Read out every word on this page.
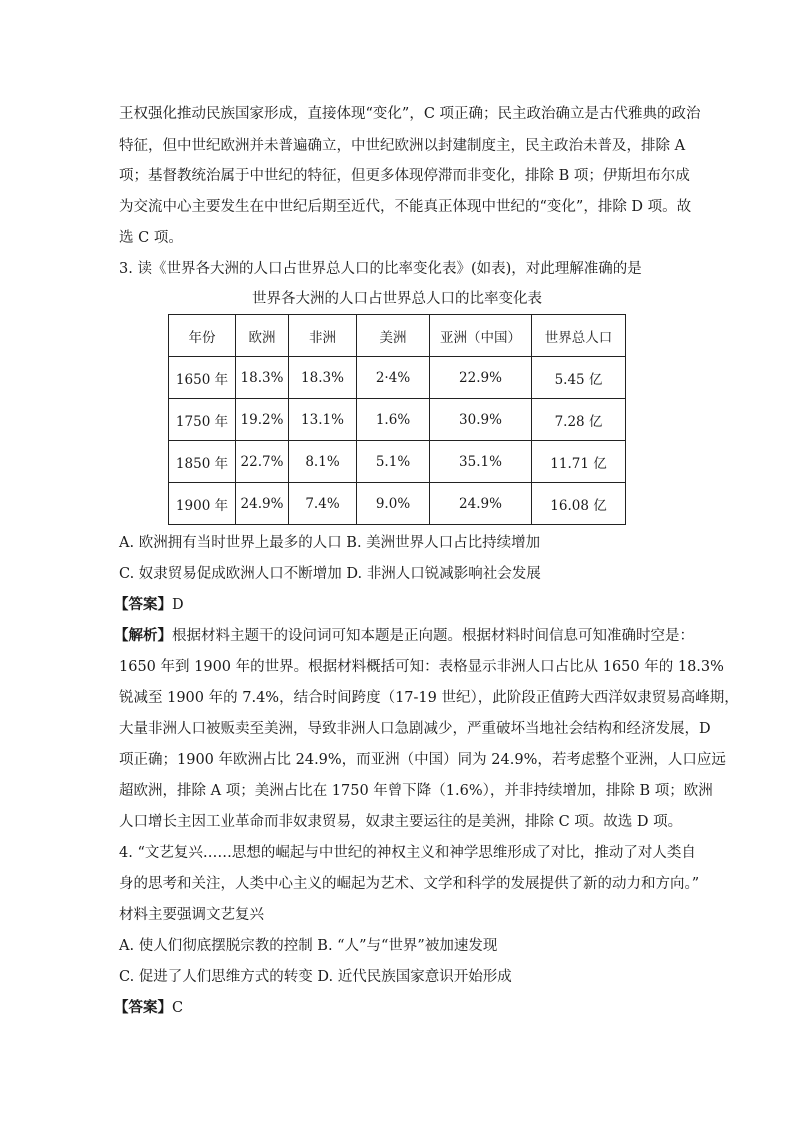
王权强化推动民族国家形成，直接体现“变化”，C 项正确；民主政治确立是古代雅典的政治
特征，但中世纪欧洲并未普遍确立，中世纪欧洲以封建制度主，民主政治未普及，排除 A
项；基督教统治属于中世纪的特征，但更多体现停滞而非变化，排除 B 项；伊斯坦布尔成
为交流中心主要发生在中世纪后期至近代，不能真正体现中世纪的“变化”，排除 D 项。故
选 C 项。
3. 读《世界各大洲的人口占世界总人口的比率变化表》(如表)，对此理解准确的是
世界各大洲的人口占世界总人口的比率变化表
年份	欧洲	非洲	美洲	亚洲（中国）	世界总人口
1650 年	18.3%	18.3%	2·4%	22.9%	5.45 亿
1750 年	19.2%	13.1%	1.6%	30.9%	7.28 亿
1850 年	22.7%	8.1%	5.1%	35.1%	11.71 亿
1900 年	24.9%	7.4%	9.0%	24.9%	16.08 亿
A. 欧洲拥有当时世界上最多的人口 B. 美洲世界人口占比持续增加
C. 奴隶贸易促成欧洲人口不断增加 D. 非洲人口锐减影响社会发展
【答案】D
【解析】根据材料主题干的设问词可知本题是正向题。根据材料时间信息可知准确时空是：
1650 年到 1900 年的世界。根据材料概括可知：表格显示非洲人口占比从 1650 年的 18.3%
锐减至 1900 年的 7.4%，结合时间跨度（17-19 世纪），此阶段正值跨大西洋奴隶贸易高峰期，
大量非洲人口被贩卖至美洲，导致非洲人口急剧减少，严重破坏当地社会结构和经济发展，D
项正确；1900 年欧洲占比 24.9%，而亚洲（中国）同为 24.9%，若考虑整个亚洲，人口应远
超欧洲，排除 A 项；美洲占比在 1750 年曾下降（1.6%），并非持续增加，排除 B 项；欧洲
人口增长主因工业革命而非奴隶贸易，奴隶主要运往的是美洲，排除 C 项。故选 D 项。
4. “文艺复兴……思想的崛起与中世纪的神权主义和神学思维形成了对比，推动了对人类自
身的思考和关注，人类中心主义的崛起为艺术、文学和科学的发展提供了新的动力和方向。”
材料主要强调文艺复兴
A. 使人们彻底摆脱宗教的控制 B. “人”与“世界”被加速发现
C. 促进了人们思维方式的转变 D. 近代民族国家意识开始形成
【答案】C
